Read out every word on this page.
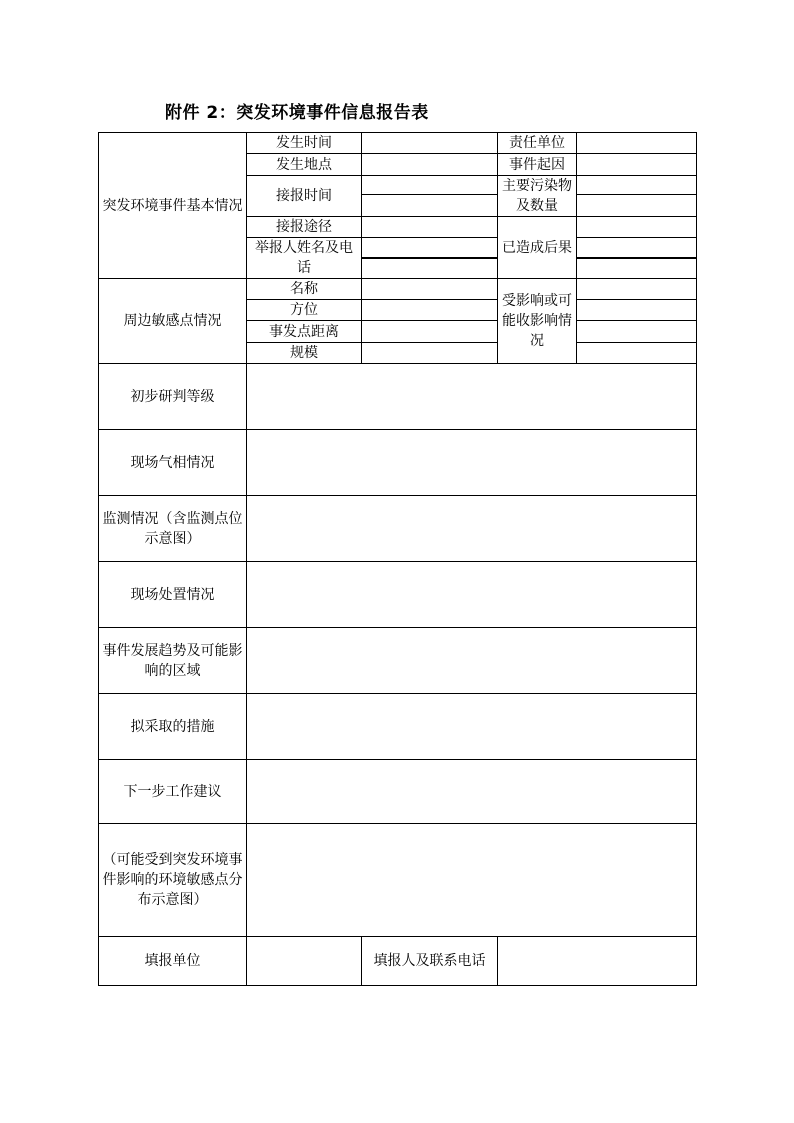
附件 2：突发环境事件信息报告表
突发环境事件基本情况	发生时间		责任单位	
	发生地点		事件起因	
	接报时间		主要污染物及数量	

	接报途径		已造成后果	
	举报人姓名及电话			

周边敏感点情况	名称		受影响或可能收影响情况	
	方位			
	事发点距离			
	规模			
初步研判等级				
现场气相情况				
监测情况（含监测点位示意图）				
现场处置情况				
事件发展趋势及可能影响的区域				
拟采取的措施				
下一步工作建议				
（可能受到突发环境事件影响的环境敏感点分布示意图）				
填报单位		填报人及联系电话		
